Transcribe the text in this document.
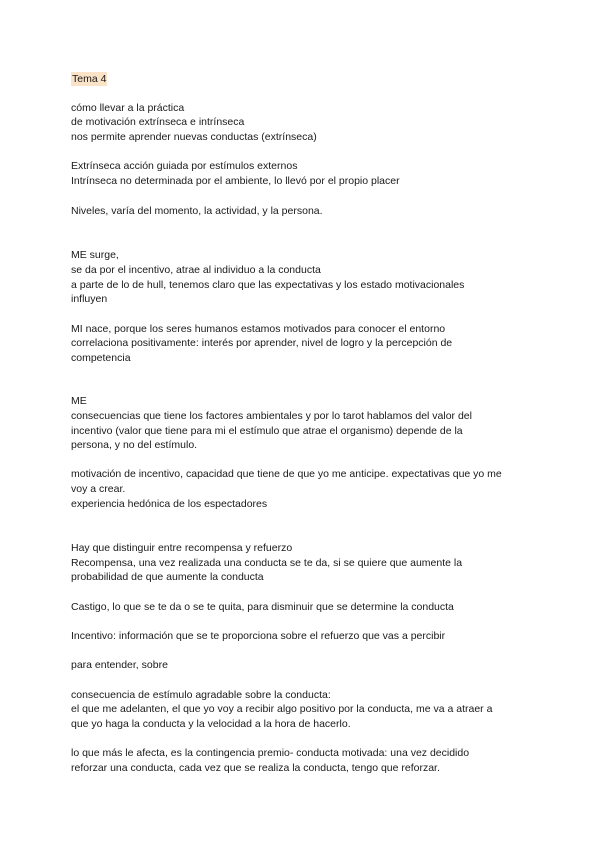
Tema 4
cómo llevar a la práctica
de motivación extrínseca e intrínseca
nos permite aprender nuevas conductas (extrínseca)
Extrínseca acción guiada por estímulos externos
Intrínseca no determinada por el ambiente, lo llevó por el propio placer
Niveles, varía del momento, la actividad, y la persona.
ME surge,
se da por el incentivo, atrae al individuo a la conducta
a parte de lo de hull, tenemos claro que las expectativas y los estado motivacionales
influyen
MI nace, porque los seres humanos estamos motivados para conocer el entorno
correlaciona positivamente: interés por aprender, nivel de logro y la percepción de
competencia
ME
consecuencias que tiene los factores ambientales y por lo tarot hablamos del valor del
incentivo (valor que tiene para mi el estímulo que atrae el organismo) depende de la
persona, y no del estímulo.
motivación de incentivo, capacidad que tiene de que yo me anticipe. expectativas que yo me
voy a crear.
experiencia hedónica de los espectadores
Hay que distinguir entre recompensa y refuerzo
Recompensa, una vez realizada una conducta se te da, si se quiere que aumente la
probabilidad de que aumente la conducta
Castigo, lo que se te da o se te quita, para disminuir que se determine la conducta
Incentivo: información que se te proporciona sobre el refuerzo que vas a percibir
para entender, sobre
consecuencia de estímulo agradable sobre la conducta:
el que me adelanten, el que yo voy a recibir algo positivo por la conducta, me va a atraer a
que yo haga la conducta y la velocidad a la hora de hacerlo.
lo que más le afecta, es la contingencia premio- conducta motivada: una vez decidido
reforzar una conducta, cada vez que se realiza la conducta, tengo que reforzar.
